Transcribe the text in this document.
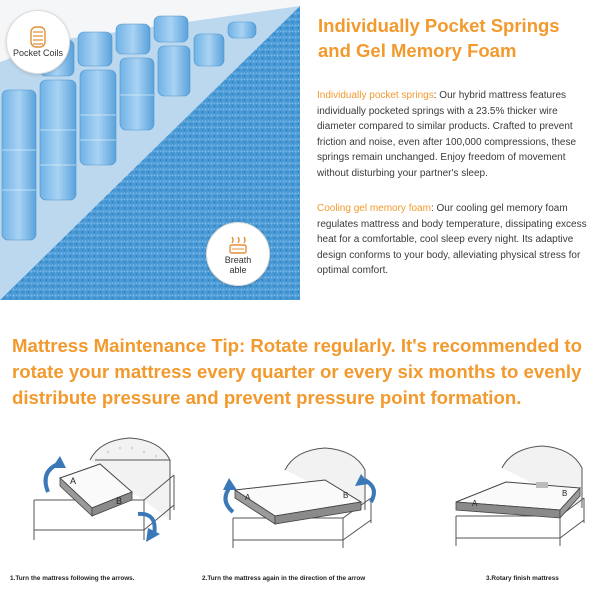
Pocket Coils
Breath
able
Individually Pocket Springs
and Gel Memory Foam
Individually pocket springs: Our hybrid mattress features individually pocketed springs with a 23.5% thicker wire diameter compared to similar products. Crafted to prevent friction and noise, even after 100,000 compressions, these springs remain unchanged. Enjoy freedom of movement without disturbing your partner's sleep.
Cooling gel memory foam: Our cooling gel memory foam regulates mattress and body temperature, dissipating excess heat for a comfortable, cool sleep every night. Its adaptive design conforms to your body, alleviating physical stress for optimal comfort.
Mattress Maintenance Tip: Rotate regularly. It's recommended to rotate your mattress every quarter or every six months to evenly distribute pressure and prevent pressure point formation.
A
B	A	B
A
B
1.Turn the mattress following the arrows.	2.Turn the mattress again in the direction of the arrow	3.Rotary finish mattress
